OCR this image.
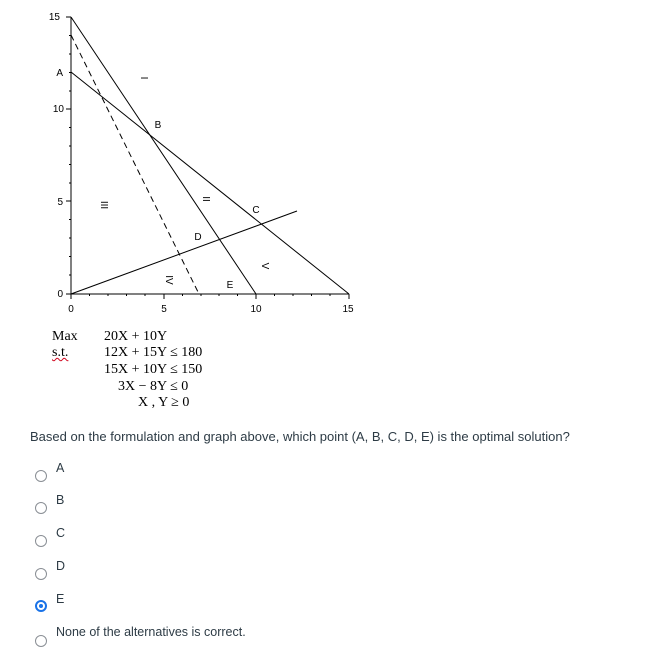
15
A
10
5
0
0	5	10	15
B
C
D
E
I
II
III
IV
V
Max 20X + 10Y
s.t.	12X + 15Y ≤ 180
15X + 10Y ≤ 150
3X − 8Y ≤ 0
X , Y ≥ 0
Based on the formulation and graph above, which point (A, B, C, D, E) is the optimal solution?
A
B
C
D
E
None of the alternatives is correct.
